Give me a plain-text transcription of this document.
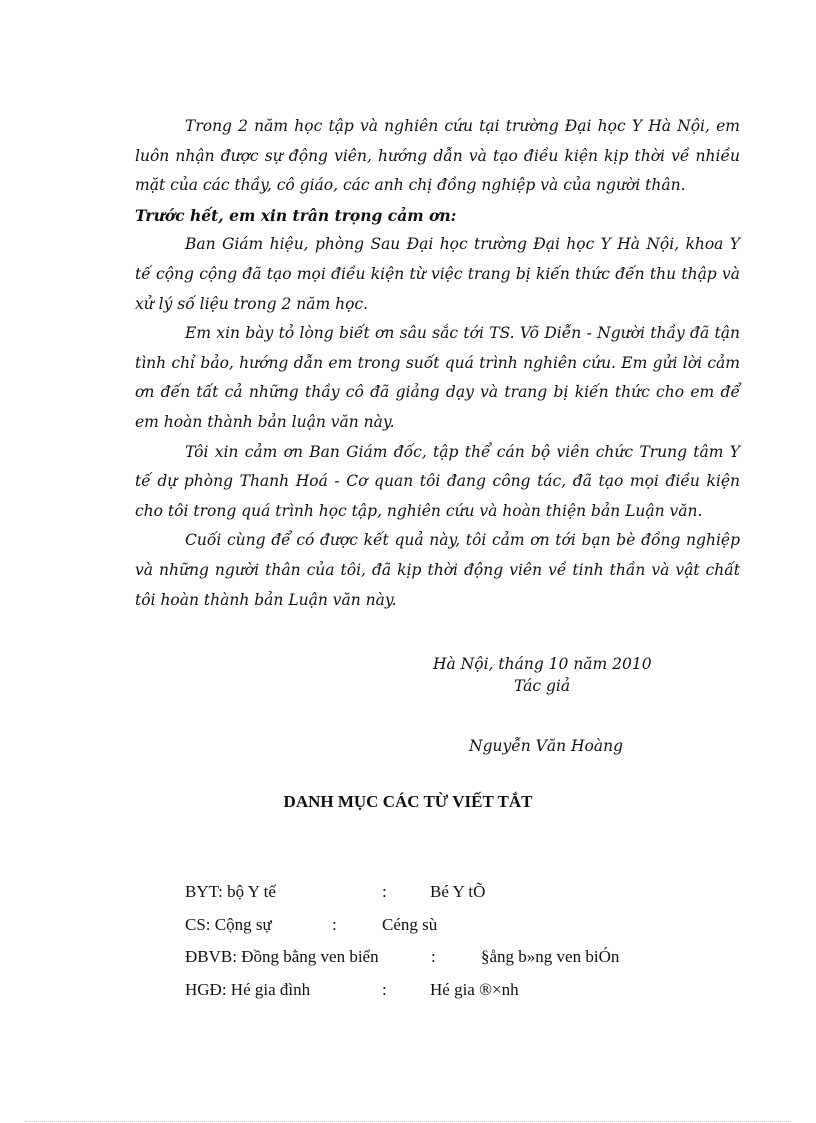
Trong 2 năm học tập và nghiên cứu tại trường Đại học Y Hà Nội, em luôn nhận được sự động viên, hướng dẫn và tạo điều kiện kịp thời về nhiều mặt của các thầy, cô giáo, các anh chị đồng nghiệp và của người thân.

Trước hết, em xin trân trọng cảm ơn:

Ban Giám hiệu, phòng Sau Đại học trường Đại học Y Hà Nội, khoa Y tế cộng cộng đã tạo mọi điều kiện từ việc trang bị kiến thức đến thu thập và xử lý số liệu trong 2 năm học.

Em xin bày tỏ lòng biết ơn sâu sắc tới TS. Võ Diễn - Người thầy đã tận tình chỉ bảo, hướng dẫn em trong suốt quá trình nghiên cứu. Em gửi lời cảm ơn đến tất cả những thầy cô đã giảng dạy và trang bị kiến thức cho em để em hoàn thành bản luận văn này.

Tôi xin cảm ơn Ban Giám đốc, tập thể cán bộ viên chức Trung tâm Y tế dự phòng Thanh Hoá - Cơ quan tôi đang công tác, đã tạo mọi điều kiện cho tôi trong quá trình học tập, nghiên cứu và hoàn thiện bản Luận văn.

Cuối cùng để có được kết quả này, tôi cảm ơn tới bạn bè đồng nghiệp và những người thân của tôi, đã kịp thời động viên về tinh thần và vật chất tôi hoàn thành bản Luận văn này.

Hà Nội, tháng 10 năm 2010
Tác giả
Nguyễn Văn Hoàng
DANH MỤC CÁC TỪ VIẾT TẮT
BYT: bộ Y tế	:	Bé Y tÕ
CS: Cộng sự	:	Céng sù
ĐBVB: Đồng bằng ven biển	:	§ång b»ng ven biÓn
HGĐ: Hé gia đình	:	Hé gia ®×nh
